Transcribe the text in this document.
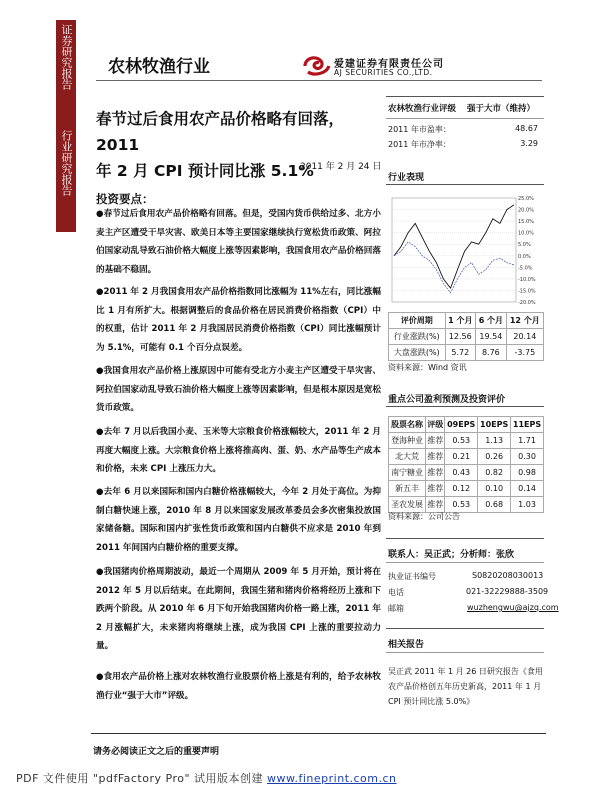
证券研究报告
行业研究报告
农林牧渔行业	爱建证券有限责任公司
AJ SECURITIES CO.,LTD.
春节过后食用农产品价格略有回落，2011
年 2 月 CPI 预计同比涨 5.1%
2011 年 2 月 24 日
投资要点：
●春节过后食用农产品价格略有回落。但是，受国内货币供给过多、北方小麦主产区遭受干旱灾害、欧美日本等主要国家继续执行宽松货币政策、阿拉伯国家动乱导致石油价格大幅度上涨等因素影响，我国食用农产品价格回落的基础不稳固。
●2011 年 2 月我国食用农产品价格指数同比涨幅为 11%左右，同比涨幅比 1 月有所扩大。根据调整后的食品价格在居民消费价格指数（CPI）中的权重，估计 2011 年 2 月我国居民消费价格指数（CPI）同比涨幅预计为 5.1%，可能有 0.1 个百分点误差。
●我国食用农产品价格上涨原因中可能有受北方小麦主产区遭受干旱灾害、阿拉伯国家动乱导致石油价格大幅度上涨等因素影响，但是根本原因是宽松货币政策。
●去年 7 月以后我国小麦、玉米等大宗粮食价格涨幅较大，2011 年 2 月再度大幅度上涨。大宗粮食价格上涨将推高肉、蛋、奶、水产品等生产成本和价格，未来 CPI 上涨压力大。
●去年 6 月以来国际和国内白糖价格涨幅较大，今年 2 月处于高位。为抑制白糖快速上涨，2010 年 8 月以来国家发展改革委员会多次密集投放国家储备糖。国际和国内扩张性货币政策和国内白糖供不应求是 2010 年到 2011 年间国内白糖价格的重要支撑。
●我国猪肉价格周期波动，最近一个周期从 2009 年 5 月开始，预计将在 2012 年 5 月以后结束。在此期间，我国生猪和猪肉价格将经历上涨和下跌两个阶段。从 2010 年 6 月下旬开始我国猪肉价格一路上涨，2011 年 2 月涨幅扩大，未来猪肉将继续上涨，成为我国 CPI 上涨的重要拉动力量。
●食用农产品价格上涨对农林牧渔行业股票价格上涨是有利的，给予农林牧渔行业“强于大市”评级。
请务必阅读正文之后的重要声明
农林牧渔行业评级 强于大市（维持）
2011 年市盈率：	48.67
2011 年市净率：	3.29
行业表现
25.0%
20.0%
15.0%
10.0%
5.0%
0.0%
-5.0%
-10.0%
-15.0%
-20.0%
评价周期	1 个月	6 个月	12 个月
行业涨跌(%)	12.56	19.54	20.14
大盘涨跌(%)	5.72	8.76	-3.75
资料来源：Wind 资讯
重点公司盈利预测及投资评价
股票名称	评级	09EPS	10EPS	11EPS
登海种业	推荐	0.53	1.13	1.71
北大荒	推荐	0.21	0.26	0.30
南宁糖业	推荐	0.43	0.82	0.98
新五丰	推荐	0.12	0.10	0.14
圣农发展	推荐	0.53	0.68	1.03
资料来源：公司公告
联系人：吴正武；分析师：张欣
执业证书编号	S0820208030013
电话	021-32229888-3509
邮箱	wuzhengwu@ajzq.com
相关报告
吴正武 2011 年 1 月 26 日研究报告《食用农产品价格创五年历史新高，2011 年 1 月 CPI 预计同比涨 5.0%》
PDF 文件使用 "pdfFactory Pro" 试用版本创建 www.fineprint.com.cn
